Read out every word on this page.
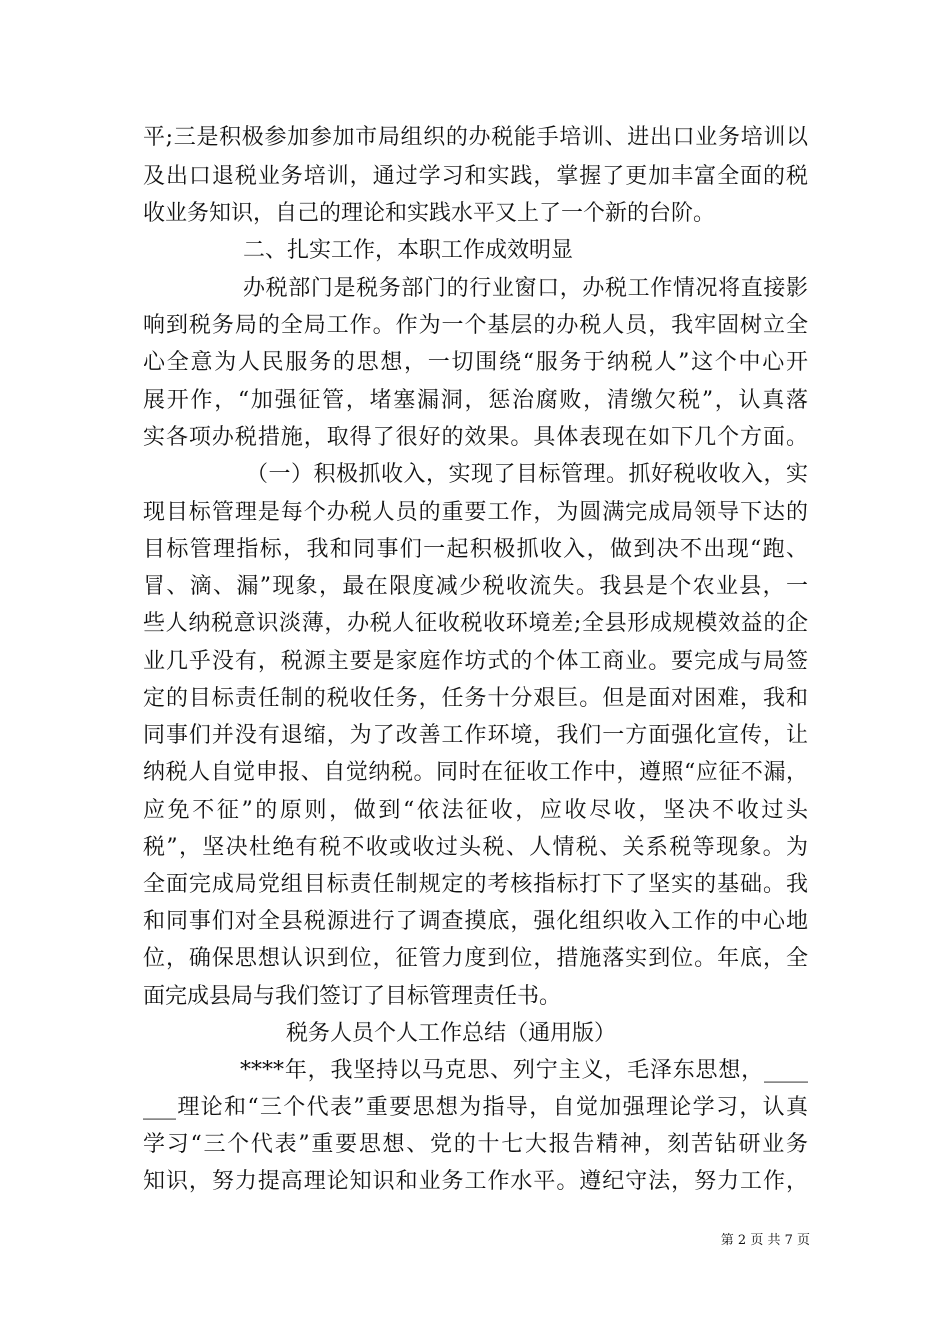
平;三是积极参加参加市局组织的办税能手培训、进出口业务培训以
及出口退税业务培训，通过学习和实践，掌握了更加丰富全面的税
收业务知识，自己的理论和实践水平又上了一个新的台阶。
二、扎实工作，本职工作成效明显
办税部门是税务部门的行业窗口，办税工作情况将直接影
响到税务局的全局工作。作为一个基层的办税人员，我牢固树立全
心全意为人民服务的思想，一切围绕“服务于纳税人”这个中心开
展开作，“加强征管，堵塞漏洞，惩治腐败，清缴欠税”，认真落
实各项办税措施，取得了很好的效果。具体表现在如下几个方面。
（一）积极抓收入，实现了目标管理。抓好税收收入，实
现目标管理是每个办税人员的重要工作，为圆满完成局领导下达的
目标管理指标，我和同事们一起积极抓收入，做到决不出现“跑、
冒、滴、漏”现象，最在限度减少税收流失。我县是个农业县，一
些人纳税意识淡薄，办税人征收税收环境差;全县形成规模效益的企
业几乎没有，税源主要是家庭作坊式的个体工商业。要完成与局签
定的目标责任制的税收任务，任务十分艰巨。但是面对困难，我和
同事们并没有退缩，为了改善工作环境，我们一方面强化宣传，让
纳税人自觉申报、自觉纳税。同时在征收工作中，遵照“应征不漏，
应免不征”的原则，做到“依法征收，应收尽收，坚决不收过头
税”，坚决杜绝有税不收或收过头税、人情税、关系税等现象。为
全面完成局党组目标责任制规定的考核指标打下了坚实的基础。我
和同事们对全县税源进行了调查摸底，强化组织收入工作的中心地
位，确保思想认识到位，征管力度到位，措施落实到位。年底，全
面完成县局与我们签订了目标管理责任书。
税务人员个人工作总结（通用版）
****年，我坚持以马克思、列宁主义，毛泽东思想，____
___理论和“三个代表”重要思想为指导，自觉加强理论学习，认真
学习“三个代表”重要思想、党的十七大报告精神，刻苦钻研业务
知识，努力提高理论知识和业务工作水平。遵纪守法，努力工作，
第 2 页 共 7 页
